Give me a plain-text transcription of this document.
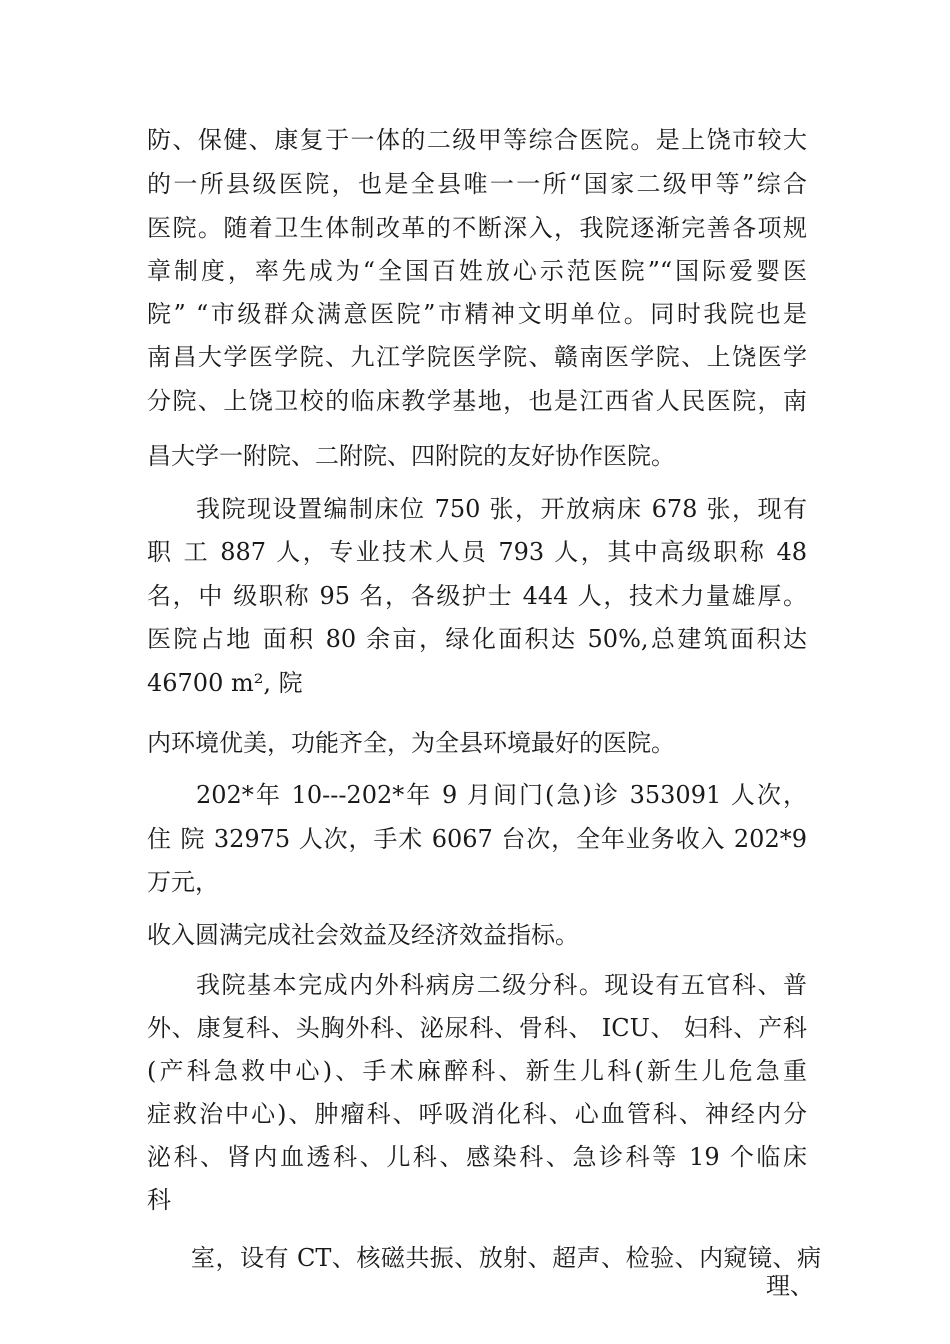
防、保健、康复于一体的二级甲等综合医院。是上饶市较大
的一所县级医院，也是全县唯一一所“国家二级甲等”综合
医院。随着卫生体制改革的不断深入，我院逐渐完善各项规
章制度，率先成为“全国百姓放心示范医院”“国际爱婴医
院” “市级群众满意医院”市精神文明单位。同时我院也是
南昌大学医学院、九江学院医学院、赣南医学院、上饶医学
分院、上饶卫校的临床教学基地，也是江西省人民医院，南
昌大学一附院、二附院、四附院的友好协作医院。
我院现设置编制床位 750 张，开放病床 678 张，现有
职 工 887 人，专业技术人员 793 人，其中高级职称 48
名，中 级职称 95 名，各级护士 444 人，技术力量雄厚。
医院占地 面积 80 余亩，绿化面积达 50%,总建筑面积达
46700 m², 院
内环境优美，功能齐全，为全县环境最好的医院。
202*年 10---202*年 9 月间门(急)诊 353091 人次，
住 院 32975 人次，手术 6067 台次，全年业务收入 202*9
万元，
收入圆满完成社会效益及经济效益指标。
我院基本完成内外科病房二级分科。现设有五官科、普
外、康复科、头胸外科、泌尿科、骨科、 ICU、 妇科、产科
(产科急救中心)、手术麻醉科、新生儿科(新生儿危急重
症救治中心)、肿瘤科、呼吸消化科、心血管科、神经内分
泌科、肾内血透科、儿科、感染科、急诊科等 19 个临床
科
室，设有 CT、核磁共振、放射、超声、检验、内窥镜、病
理、
